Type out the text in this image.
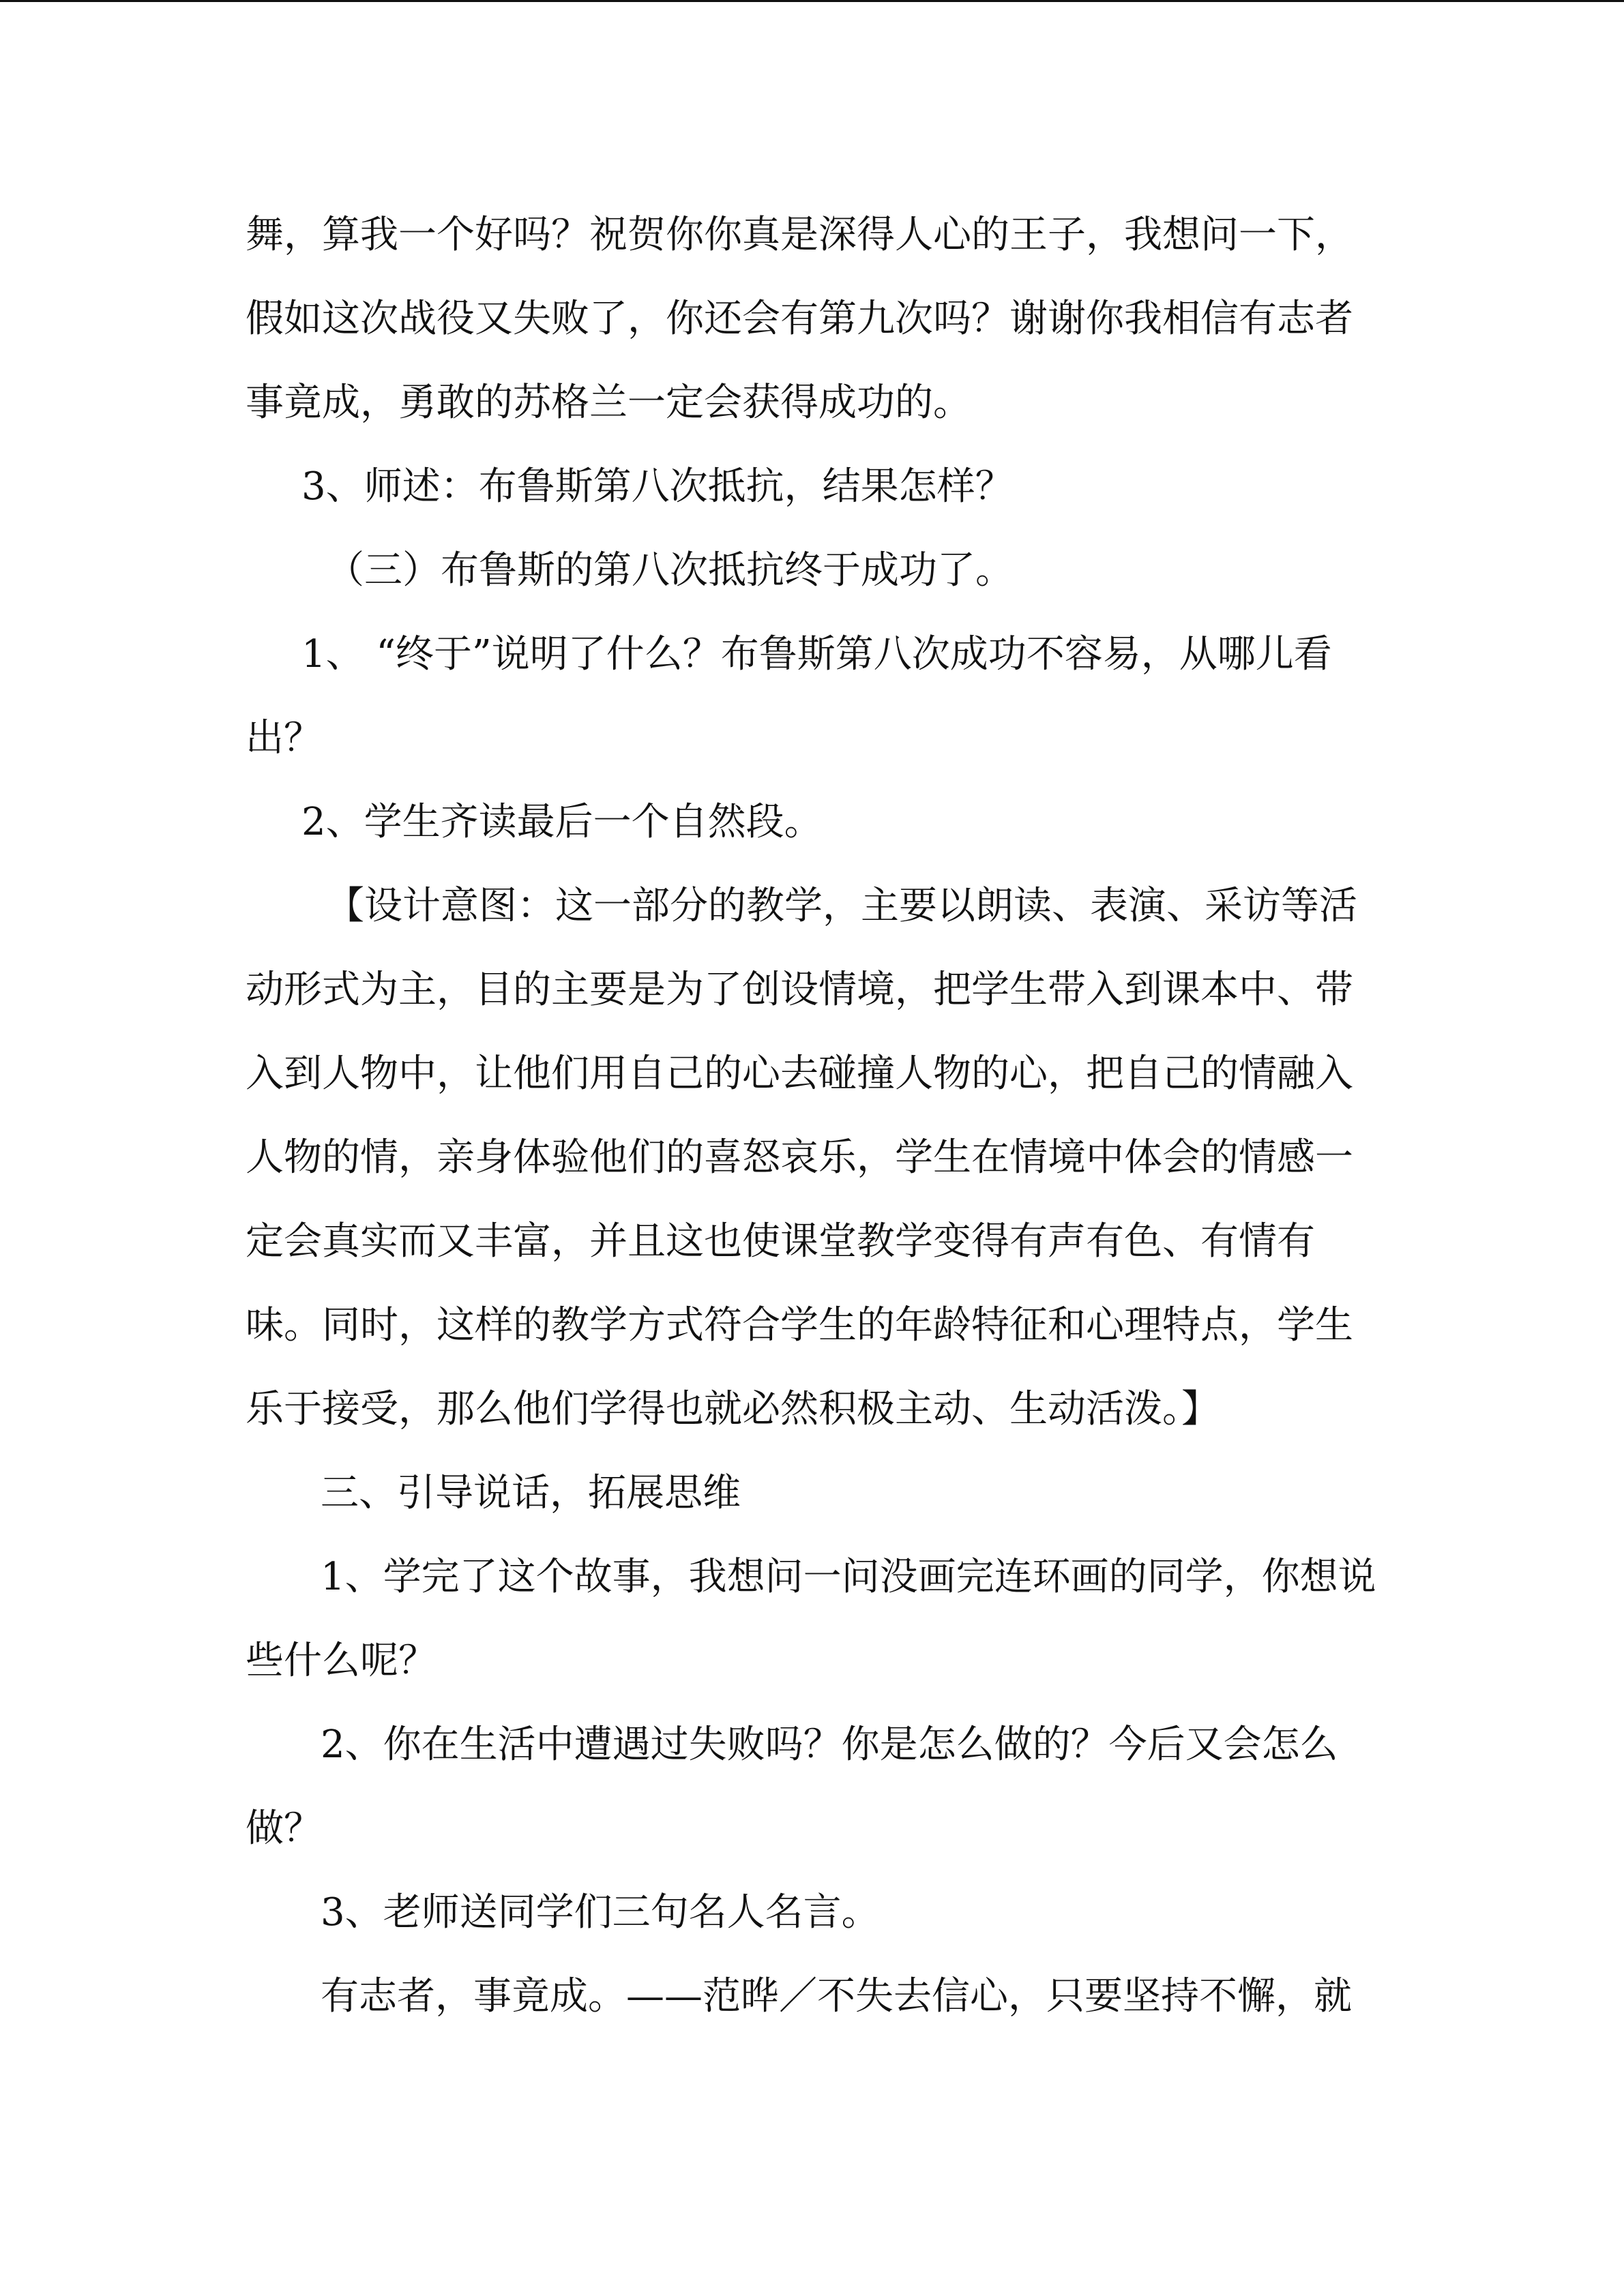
舞，算我一个好吗？祝贺你你真是深得人心的王子，我想问一下，
假如这次战役又失败了，你还会有第九次吗？谢谢你我相信有志者
事竟成，勇敢的苏格兰一定会获得成功的。
3、师述：布鲁斯第八次抵抗，结果怎样？
（三）布鲁斯的第八次抵抗终于成功了。
1、 “终于”说明了什么？布鲁斯第八次成功不容易，从哪儿看
出？
2、学生齐读最后一个自然段。
【设计意图：这一部分的教学，主要以朗读、表演、采访等活
动形式为主，目的主要是为了创设情境，把学生带入到课本中、带
入到人物中，让他们用自己的心去碰撞人物的心，把自己的情融入
人物的情，亲身体验他们的喜怒哀乐，学生在情境中体会的情感一
定会真实而又丰富，并且这也使课堂教学变得有声有色、有情有
味。同时，这样的教学方式符合学生的年龄特征和心理特点，学生
乐于接受，那么他们学得也就必然积极主动、生动活泼。】
三、引导说话，拓展思维
1、学完了这个故事，我想问一问没画完连环画的同学，你想说
些什么呢？
2、你在生活中遭遇过失败吗？你是怎么做的？今后又会怎么
做？
3、老师送同学们三句名人名言。
有志者，事竟成。——范晔／不失去信心，只要坚持不懈，就
